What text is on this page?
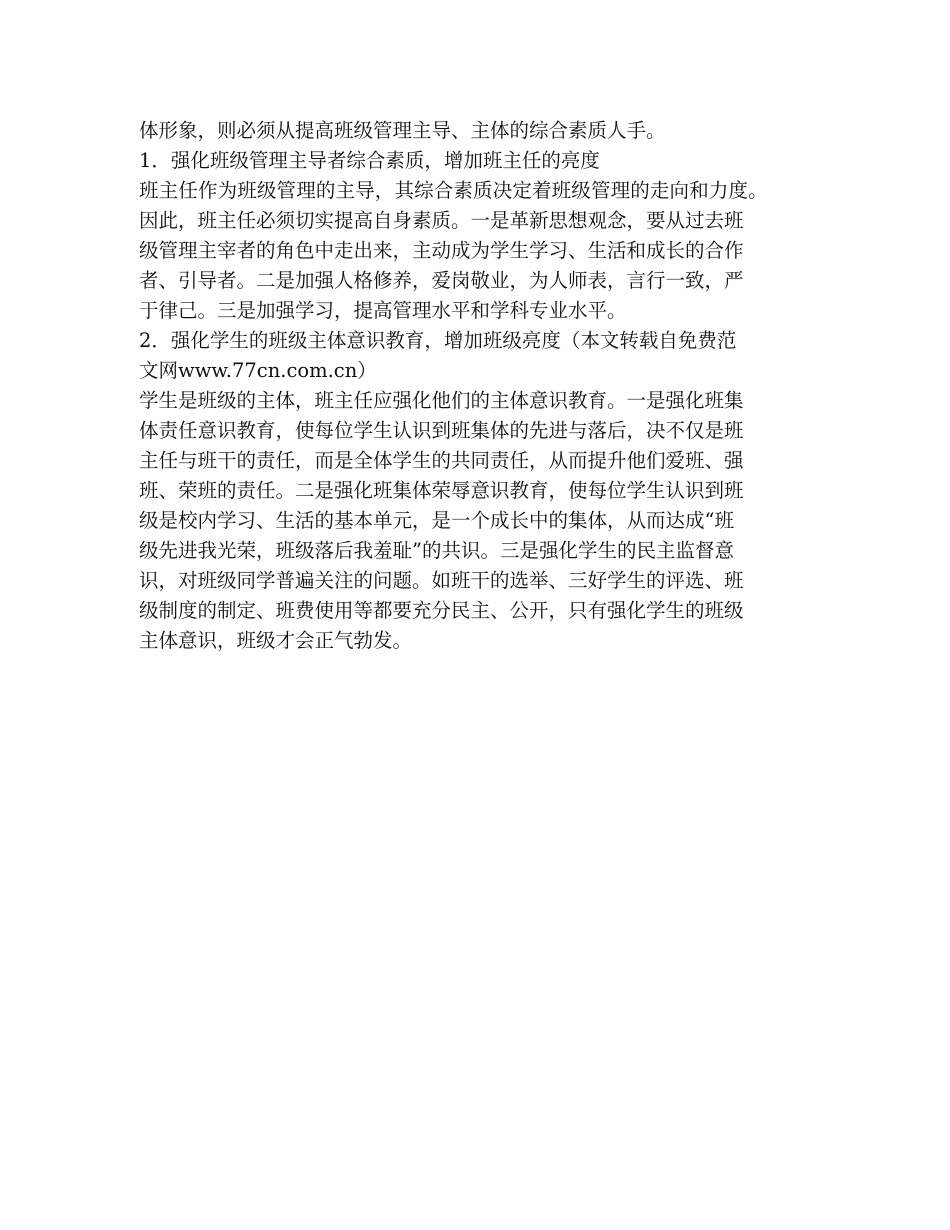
体形象，则必须从提高班级管理主导、主体的综合素质人手。
1．强化班级管理主导者综合素质，增加班主任的亮度
班主任作为班级管理的主导，其综合素质决定着班级管理的走向和力度。
因此，班主任必须切实提高自身素质。一是革新思想观念，要从过去班
级管理主宰者的角色中走出来，主动成为学生学习、生活和成长的合作
者、引导者。二是加强人格修养，爱岗敬业，为人师表，言行一致，严
于律己。三是加强学习，提高管理水平和学科专业水平。
2．强化学生的班级主体意识教育，增加班级亮度（本文转载自免费范
文网www.77cn.com.cn）
学生是班级的主体，班主任应强化他们的主体意识教育。一是强化班集
体责任意识教育，使每位学生认识到班集体的先进与落后，决不仅是班
主任与班干的责任，而是全体学生的共同责任，从而提升他们爱班、强
班、荣班的责任。二是强化班集体荣辱意识教育，使每位学生认识到班
级是校内学习、生活的基本单元，是一个成长中的集体，从而达成“班
级先进我光荣，班级落后我羞耻”的共识。三是强化学生的民主监督意
识，对班级同学普遍关注的问题。如班干的选举、三好学生的评选、班
级制度的制定、班费使用等都要充分民主、公开，只有强化学生的班级
主体意识，班级才会正气勃发。
